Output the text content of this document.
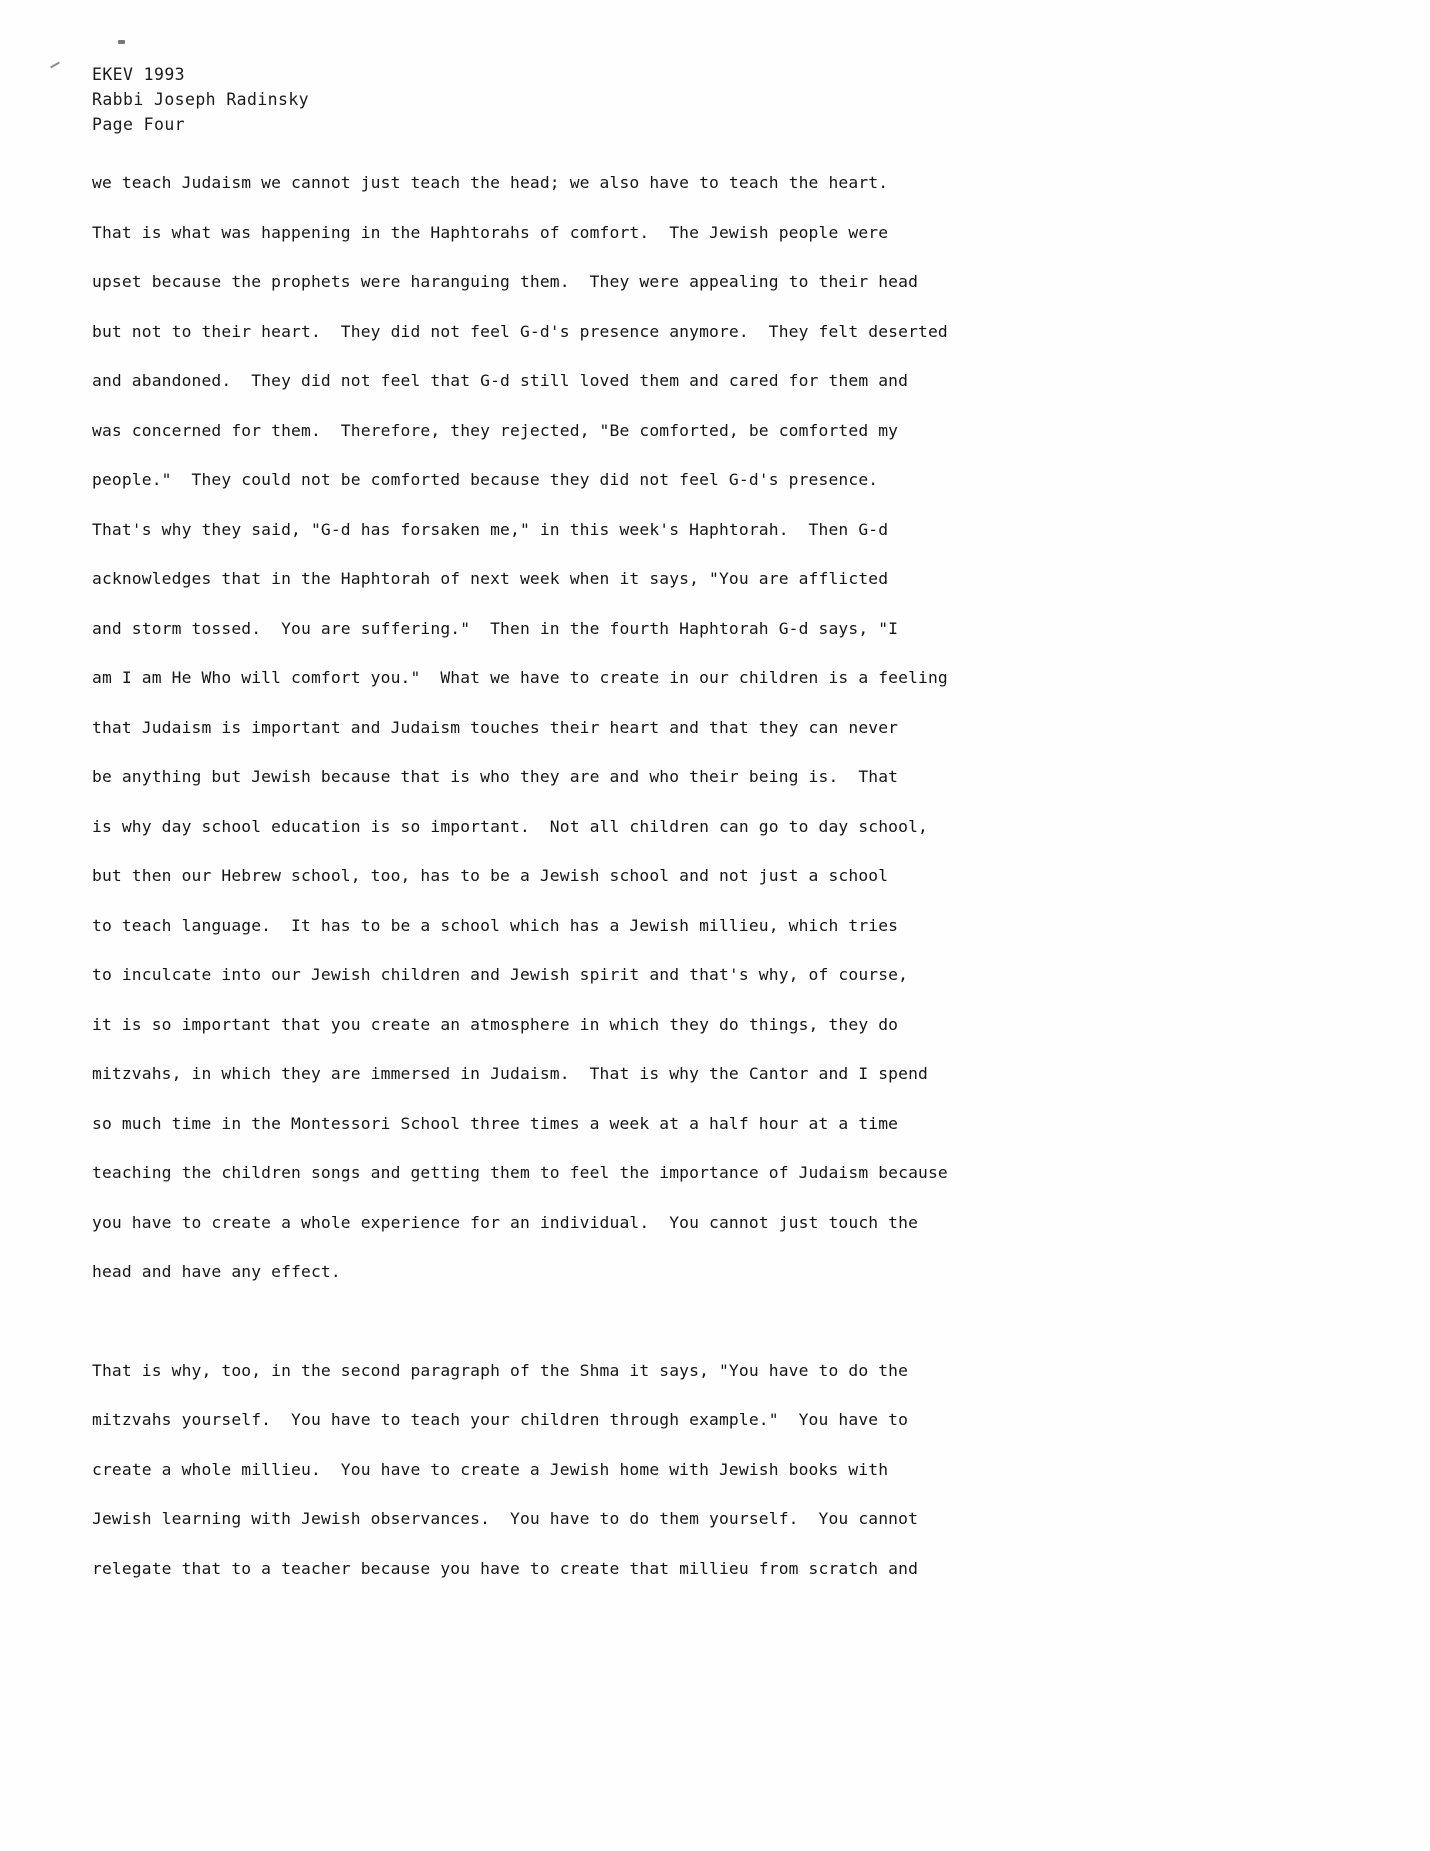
EKEV 1993
Rabbi Joseph Radinsky
Page Four

we teach Judaism we cannot just teach the head; we also have to teach the heart.
That is what was happening in the Haphtorahs of comfort.  The Jewish people were
upset because the prophets were haranguing them.  They were appealing to their head
but not to their heart.  They did not feel G-d's presence anymore.  They felt deserted
and abandoned.  They did not feel that G-d still loved them and cared for them and
was concerned for them.  Therefore, they rejected, "Be comforted, be comforted my
people."  They could not be comforted because they did not feel G-d's presence.
That's why they said, "G-d has forsaken me," in this week's Haphtorah.  Then G-d
acknowledges that in the Haphtorah of next week when it says, "You are afflicted
and storm tossed.  You are suffering."  Then in the fourth Haphtorah G-d says, "I
am I am He Who will comfort you."  What we have to create in our children is a feeling
that Judaism is important and Judaism touches their heart and that they can never
be anything but Jewish because that is who they are and who their being is.  That
is why day school education is so important.  Not all children can go to day school,
but then our Hebrew school, too, has to be a Jewish school and not just a school
to teach language.  It has to be a school which has a Jewish millieu, which tries
to inculcate into our Jewish children and Jewish spirit and that's why, of course,
it is so important that you create an atmosphere in which they do things, they do
mitzvahs, in which they are immersed in Judaism.  That is why the Cantor and I spend
so much time in the Montessori School three times a week at a half hour at a time
teaching the children songs and getting them to feel the importance of Judaism because
you have to create a whole experience for an individual.  You cannot just touch the
head and have any effect.

That is why, too, in the second paragraph of the Shma it says, "You have to do the
mitzvahs yourself.  You have to teach your children through example."  You have to
create a whole millieu.  You have to create a Jewish home with Jewish books with
Jewish learning with Jewish observances.  You have to do them yourself.  You cannot
relegate that to a teacher because you have to create that millieu from scratch and
